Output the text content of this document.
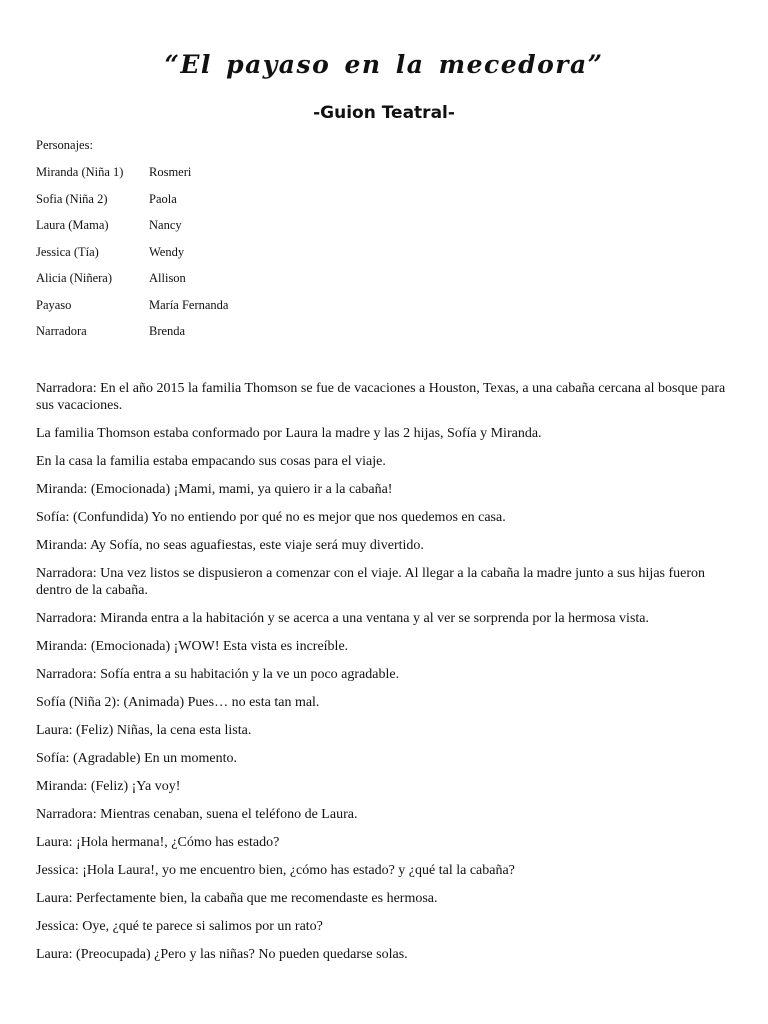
“El payaso en la mecedora”
-Guion Teatral-
Personajes:
Miranda (Niña 1) Rosmeri
Sofia (Niña 2)	Paola
Laura (Mama)	Nancy
Jessica (Tía)	Wendy
Alicia (Niñera)	Allison
Payaso	María Fernanda
Narradora	Brenda

Narradora: En el año 2015 la familia Thomson se fue de vacaciones a Houston, Texas, a una cabaña cercana al bosque para sus vacaciones.

La familia Thomson estaba conformado por Laura la madre y las 2 hijas, Sofía y Miranda.

En la casa la familia estaba empacando sus cosas para el viaje.

Miranda: (Emocionada) ¡Mami, mami, ya quiero ir a la cabaña!

Sofía: (Confundida) Yo no entiendo por qué no es mejor que nos quedemos en casa.

Miranda: Ay Sofía, no seas aguafiestas, este viaje será muy divertido.

Narradora: Una vez listos se dispusieron a comenzar con el viaje. Al llegar a la cabaña la madre junto a sus hijas fueron dentro de la cabaña.

Narradora: Miranda entra a la habitación y se acerca a una ventana y al ver se sorprenda por la hermosa vista.

Miranda: (Emocionada) ¡WOW! Esta vista es increíble.

Narradora: Sofía entra a su habitación y la ve un poco agradable.

Sofía (Niña 2): (Animada) Pues… no esta tan mal.

Laura: (Feliz) Niñas, la cena esta lista.

Sofía: (Agradable) En un momento.

Miranda: (Feliz) ¡Ya voy!

Narradora: Mientras cenaban, suena el teléfono de Laura.

Laura: ¡Hola hermana!, ¿Cómo has estado?

Jessica: ¡Hola Laura!, yo me encuentro bien, ¿cómo has estado? y ¿qué tal la cabaña?

Laura: Perfectamente bien, la cabaña que me recomendaste es hermosa.

Jessica: Oye, ¿qué te parece si salimos por un rato?

Laura: (Preocupada) ¿Pero y las niñas? No pueden quedarse solas.
